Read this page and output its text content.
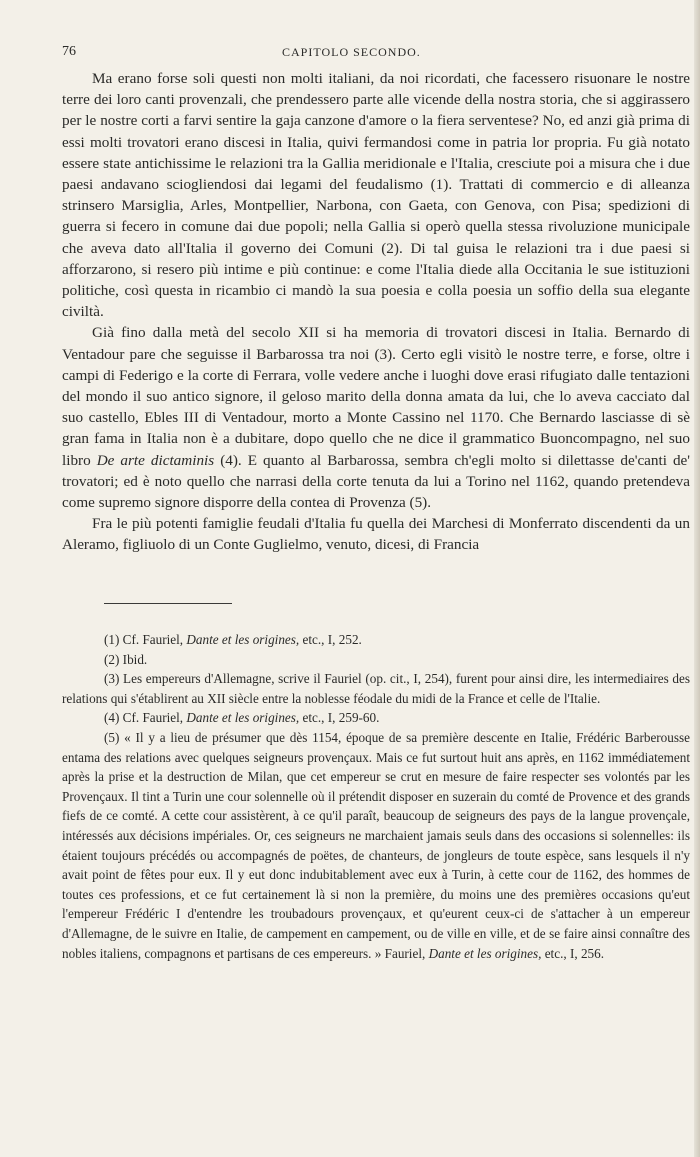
76	CAPITOLO SECONDO.

Ma erano forse soli questi non molti italiani, da noi ricordati, che facessero risuonare le nostre terre dei loro canti provenzali, che prendessero parte alle vicende della nostra storia, che si aggirassero per le nostre corti a farvi sentire la gaja canzone d'amore o la fiera serventese? No, ed anzi già prima di essi molti trovatori erano discesi in Italia, quivi fermandosi come in patria lor propria. Fu già notato essere state antichissime le relazioni tra la Gallia meridionale e l'Italia, cresciute poi a misura che i due paesi andavano sciogliendosi dai legami del feudalismo (1). Trattati di commercio e di alleanza strinsero Marsiglia, Arles, Montpellier, Narbona, con Gaeta, con Genova, con Pisa; spedizioni di guerra si fecero in comune dai due popoli; nella Gallia si operò quella stessa rivoluzione municipale che aveva dato all'Italia il governo dei Comuni (2). Di tal guisa le relazioni tra i due paesi si afforzarono, si resero più intime e più continue: e come l'Italia diede alla Occitania le sue istituzioni politiche, così questa in ricambio ci mandò la sua poesia e colla poesia un soffio della sua elegante civiltà.

Già fino dalla metà del secolo XII si ha memoria di trovatori discesi in Italia. Bernardo di Ventadour pare che seguisse il Barbarossa tra noi (3). Certo egli visitò le nostre terre, e forse, oltre i campi di Federigo e la corte di Ferrara, volle vedere anche i luoghi dove erasi rifugiato dalle tentazioni del mondo il suo antico signore, il geloso marito della donna amata da lui, che lo aveva cacciato dal suo castello, Ebles III di Ventadour, morto a Monte Cassino nel 1170. Che Bernardo lasciasse di sè gran fama in Italia non è a dubitare, dopo quello che ne dice il grammatico Buoncompagno, nel suo libro De arte dictaminis (4). E quanto al Barbarossa, sembra ch'egli molto si dilettasse de'canti de' trovatori; ed è noto quello che narrasi della corte tenuta da lui a Torino nel 1162, quando pretendeva come supremo signore disporre della contea di Provenza (5).

Fra le più potenti famiglie feudali d'Italia fu quella dei Marchesi di Monferrato discendenti da un Aleramo, figliuolo di un Conte Guglielmo, venuto, dicesi, di Francia

(1) Cf. Fauriel, Dante et les origines, etc., I, 252.

(2) Ibid.

(3) Les empereurs d'Allemagne, scrive il Fauriel (op. cit., I, 254), furent pour ainsi dire, les intermediaires des relations qui s'établirent au XII siècle entre la noblesse féodale du midi de la France et celle de l'Italie.

(4) Cf. Fauriel, Dante et les origines, etc., I, 259-60.

(5) « Il y a lieu de présumer que dès 1154, époque de sa première descente en Italie, Frédéric Barberousse entama des relations avec quelques seigneurs provençaux. Mais ce fut surtout huit ans après, en 1162 immédiatement après la prise et la destruction de Milan, que cet empereur se crut en mesure de faire respecter ses volontés par les Provençaux. Il tint a Turin une cour solennelle où il prétendit disposer en suzerain du comté de Provence et des grands fiefs de ce comté. A cette cour assistèrent, à ce qu'il paraît, beaucoup de seigneurs des pays de la langue provençale, intéressés aux décisions impériales. Or, ces seigneurs ne marchaient jamais seuls dans des occasions si solennelles: ils étaient toujours précédés ou accompagnés de poëtes, de chanteurs, de jongleurs de toute espèce, sans lesquels il n'y avait point de fêtes pour eux. Il y eut donc indubitablement avec eux à Turin, à cette cour de 1162, des hommes de toutes ces professions, et ce fut certainement là si non la première, du moins une des premières occasions qu'eut l'empereur Frédéric I d'entendre les troubadours provençaux, et qu'eurent ceux-ci de s'attacher à un empereur d'Allemagne, de le suivre en Italie, de campement en campement, ou de ville en ville, et de se faire ainsi connaître des nobles italiens, compagnons et partisans de ces empereurs. » Fauriel, Dante et les origines, etc., I, 256.
